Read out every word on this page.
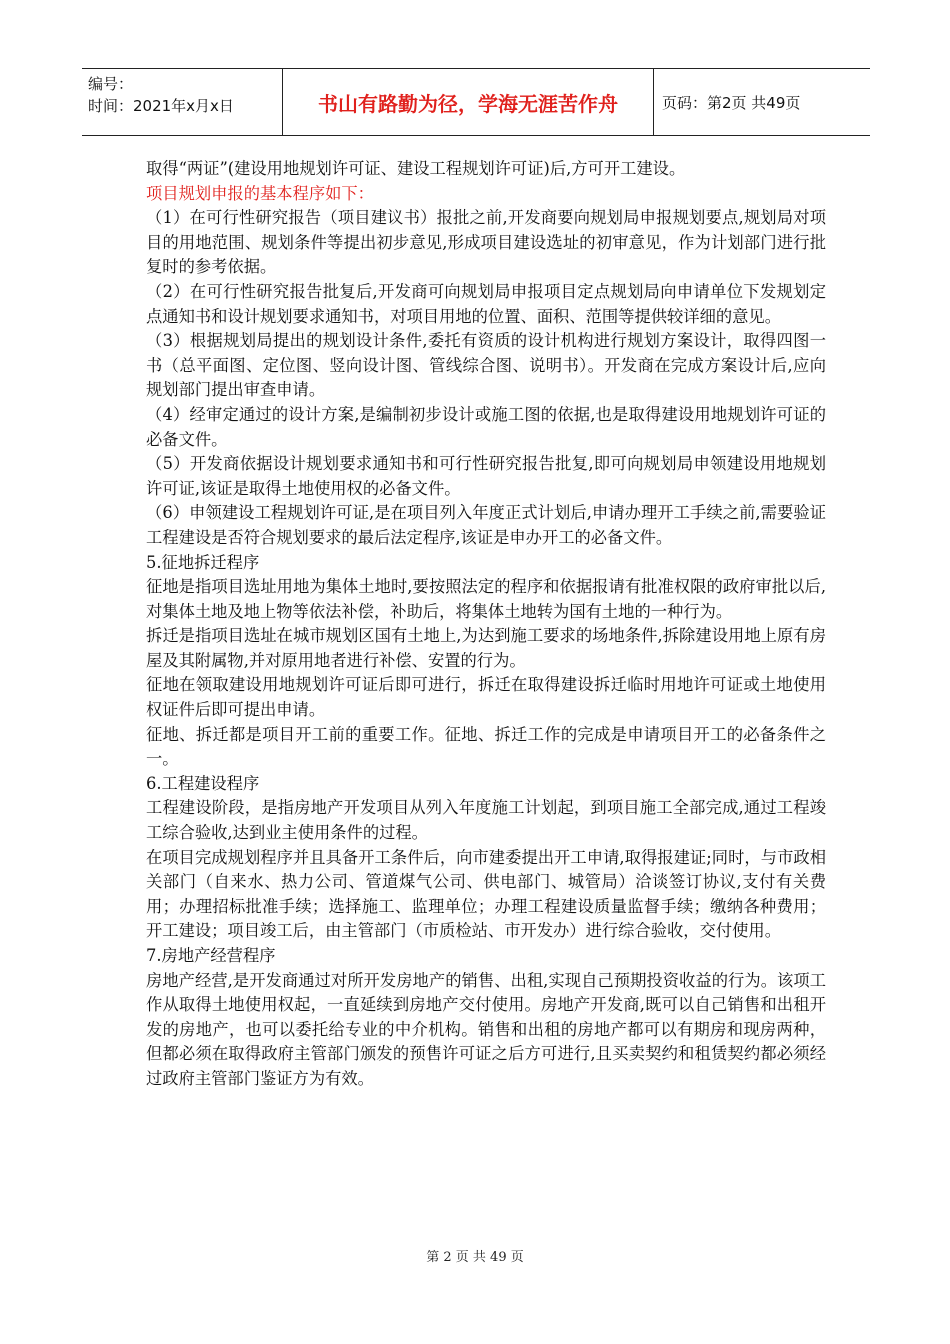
编号：
时间：2021年x月x日	书山有路勤为径，学海无涯苦作舟	页码：第2页 共49页

取得“两证”(建设用地规划许可证、建设工程规划许可证)后,方可开工建设。

项目规划申报的基本程序如下：

（1）在可行性研究报告（项目建议书）报批之前,开发商要向规划局申报规划要点,规划局对项目的用地范围、规划条件等提出初步意见,形成项目建设选址的初审意见，作为计划部门进行批复时的参考依据。

（2）在可行性研究报告批复后,开发商可向规划局申报项目定点规划局向申请单位下发规划定点通知书和设计规划要求通知书，对项目用地的位置、面积、范围等提供较详细的意见。

（3）根据规划局提出的规划设计条件,委托有资质的设计机构进行规划方案设计，取得四图一书（总平面图、定位图、竖向设计图、管线综合图、说明书）。开发商在完成方案设计后,应向规划部门提出审查申请。

（4）经审定通过的设计方案,是编制初步设计或施工图的依据,也是取得建设用地规划许可证的必备文件。

（5）开发商依据设计规划要求通知书和可行性研究报告批复,即可向规划局申领建设用地规划许可证,该证是取得土地使用权的必备文件。

（6）申领建设工程规划许可证,是在项目列入年度正式计划后,申请办理开工手续之前,需要验证工程建设是否符合规划要求的最后法定程序,该证是申办开工的必备文件。

5.征地拆迁程序

征地是指项目选址用地为集体土地时,要按照法定的程序和依据报请有批准权限的政府审批以后,对集体土地及地上物等依法补偿，补助后，将集体土地转为国有土地的一种行为。

拆迁是指项目选址在城市规划区国有土地上,为达到施工要求的场地条件,拆除建设用地上原有房屋及其附属物,并对原用地者进行补偿、安置的行为。

征地在领取建设用地规划许可证后即可进行，拆迁在取得建设拆迁临时用地许可证或土地使用权证件后即可提出申请。

征地、拆迁都是项目开工前的重要工作。征地、拆迁工作的完成是申请项目开工的必备条件之一。

6.工程建设程序

工程建设阶段，是指房地产开发项目从列入年度施工计划起，到项目施工全部完成,通过工程竣工综合验收,达到业主使用条件的过程。

在项目完成规划程序并且具备开工条件后，向市建委提出开工申请,取得报建证;同时，与市政相关部门（自来水、热力公司、管道煤气公司、供电部门、城管局）洽谈签订协议,支付有关费用；办理招标批准手续；选择施工、监理单位；办理工程建设质量监督手续；缴纳各种费用；开工建设；项目竣工后，由主管部门（市质检站、市开发办）进行综合验收，交付使用。

7.房地产经营程序

房地产经营,是开发商通过对所开发房地产的销售、出租,实现自己预期投资收益的行为。该项工作从取得土地使用权起，一直延续到房地产交付使用。房地产开发商,既可以自己销售和出租开发的房地产，也可以委托给专业的中介机构。销售和出租的房地产都可以有期房和现房两种，但都必须在取得政府主管部门颁发的预售许可证之后方可进行,且买卖契约和租赁契约都必须经过政府主管部门鉴证方为有效。

第 2 页 共 49 页
